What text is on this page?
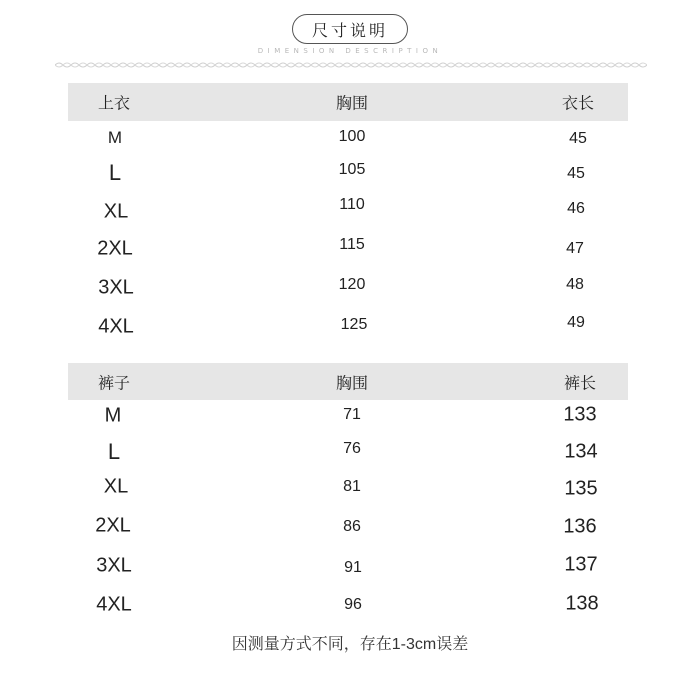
尺寸说明
DIMENSION DESCRIPTION
上衣	胸围	衣长
M	100	45
L	105	45
XL	110	46
2XL	115	47
3XL	120	48
4XL	125	49
裤子	胸围	裤长
M	71	133
L	76	134
XL	81	135
2XL	86	136
3XL	91	137
4XL	96	138
因测量方式不同，存在1-3cm误差
